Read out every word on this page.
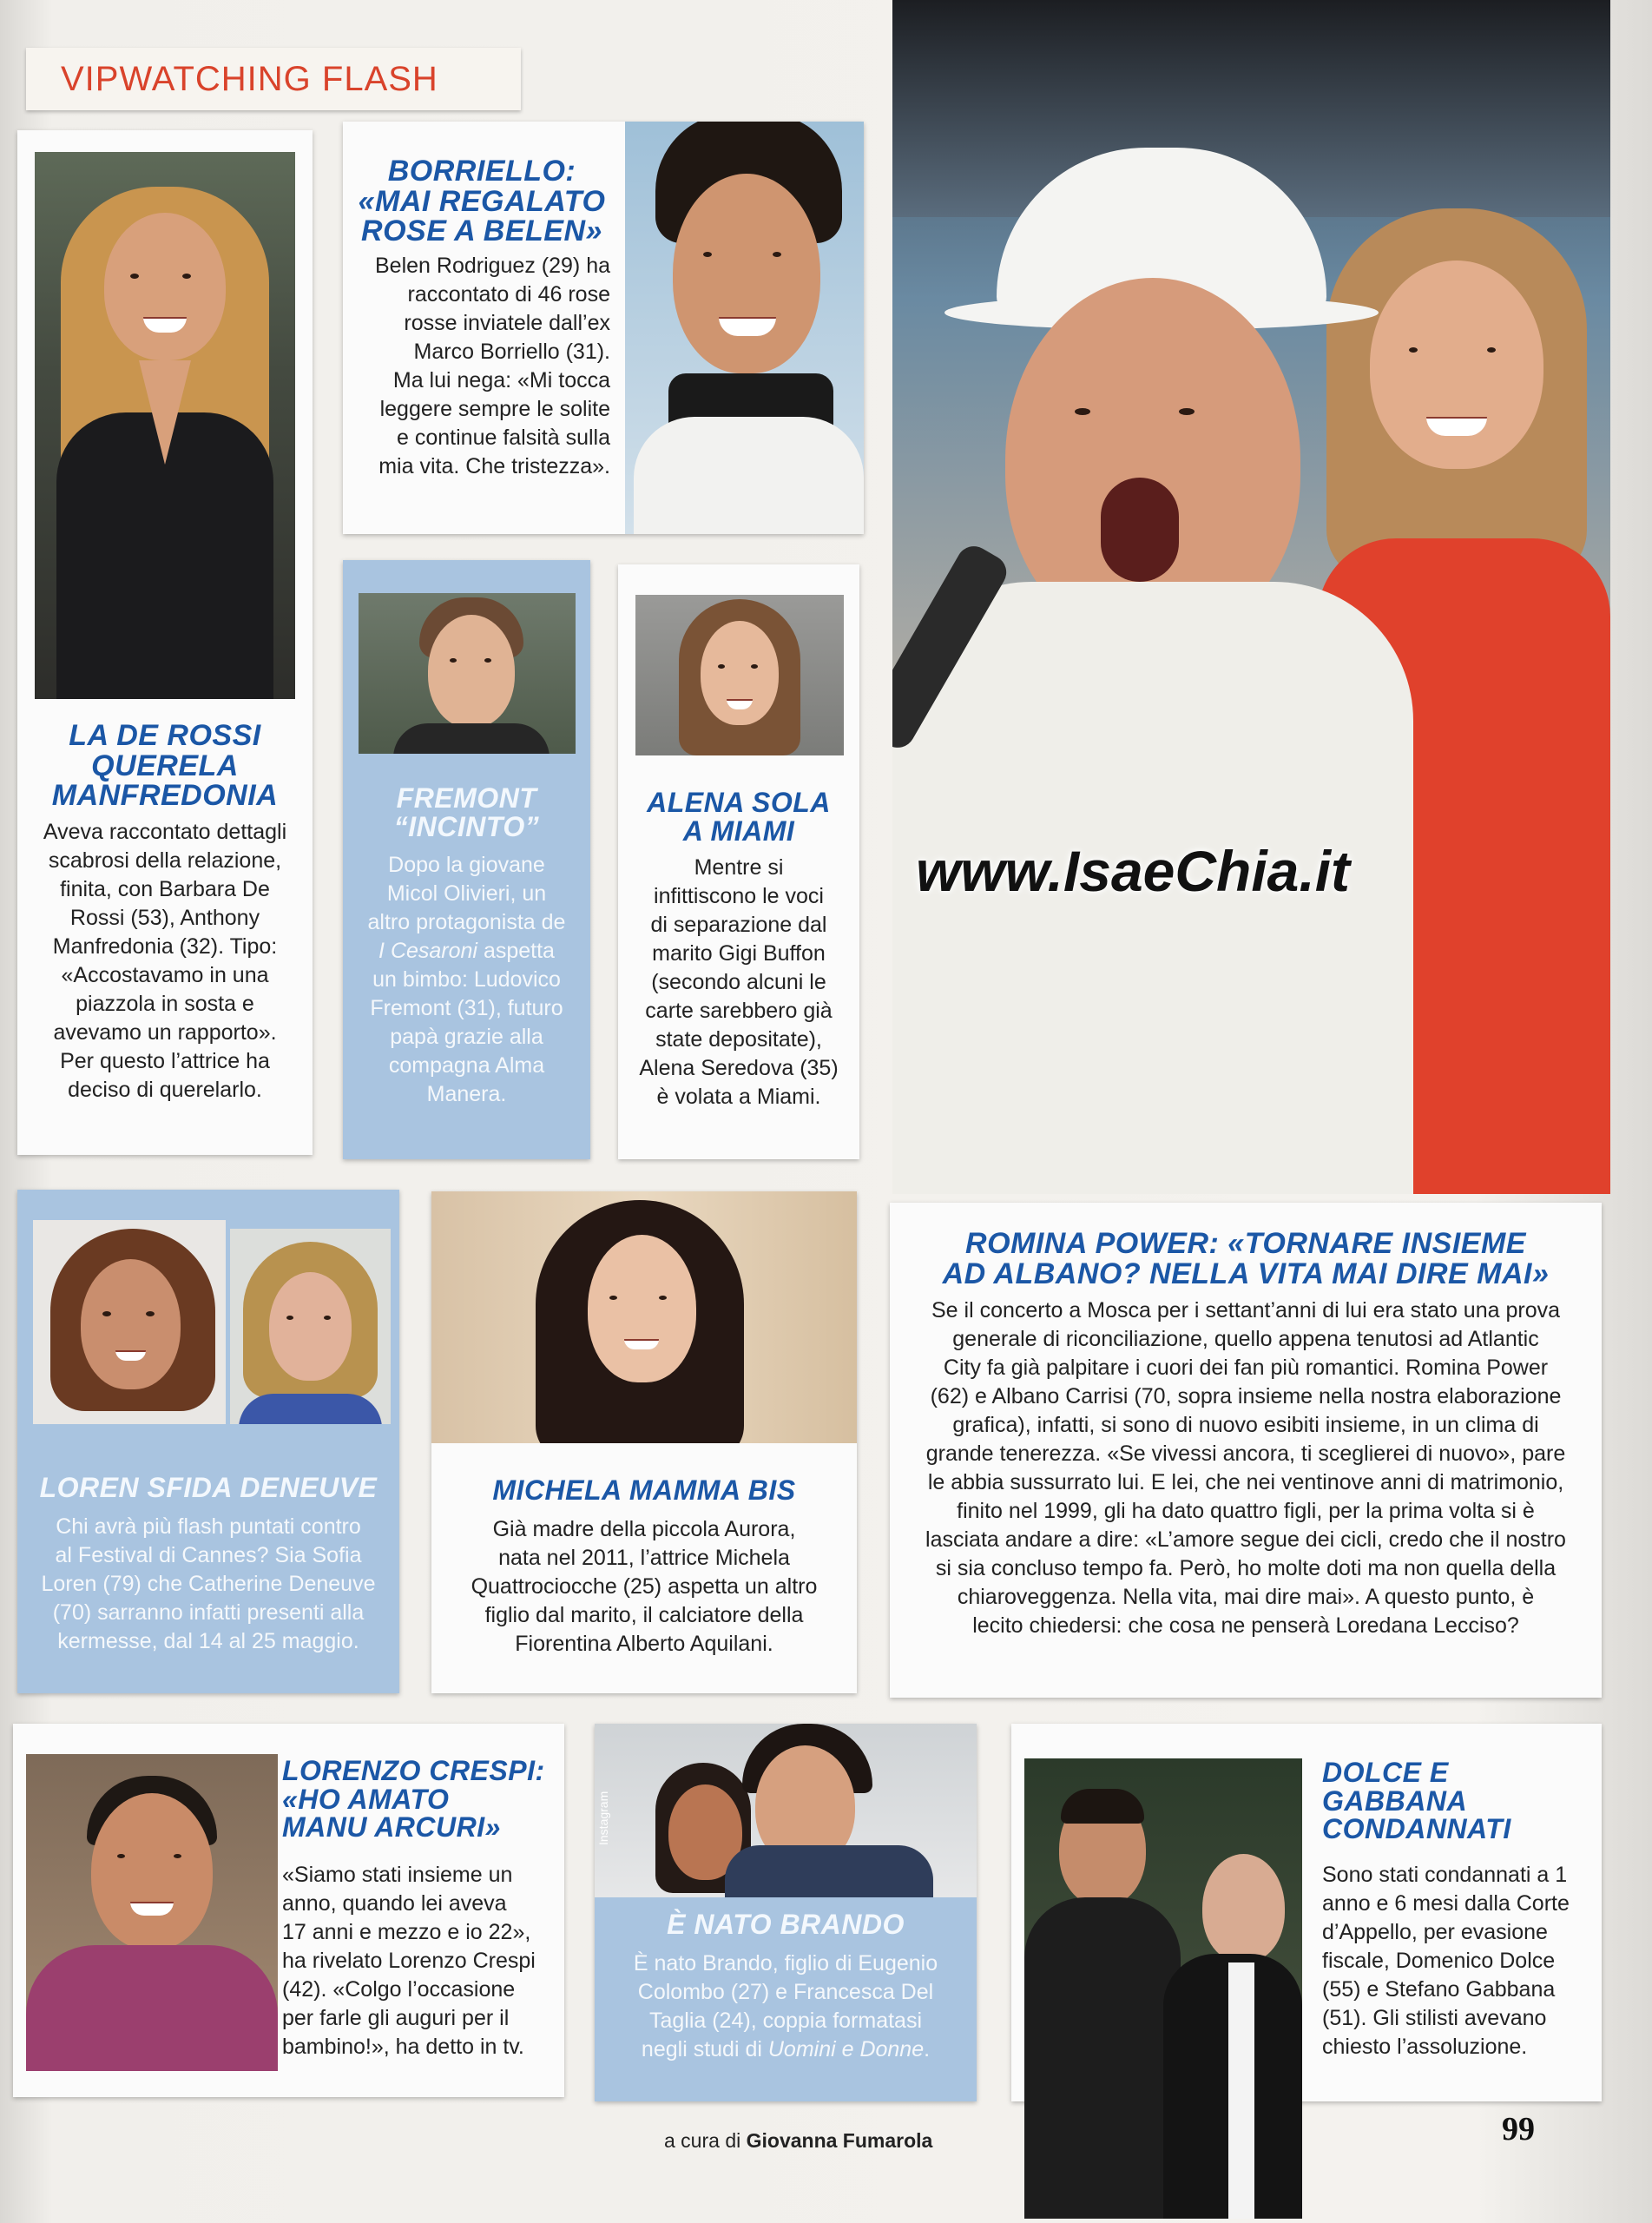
VIPWATCHING FLASH
LA DE ROSSI
QUERELA
MANFREDONIA
Aveva raccontato dettagli
scabrosi della relazione,
finita, con Barbara De
Rossi (53), Anthony
Manfredonia (32). Tipo:
«Accostavamo in una
piazzola in sosta e
avevamo un rapporto».
Per questo l’attrice ha
deciso di querelarlo.
BORRIELLO:
«MAI REGALATO
ROSE A BELEN»
Belen Rodriguez (29) ha
raccontato di 46 rose
rosse inviatele dall’ex
Marco Borriello (31).
Ma lui nega: «Mi tocca
leggere sempre le solite
e continue falsità sulla
mia vita. Che tristezza».
FREMONT
“INCINTO”
Dopo la giovane
Micol Olivieri, un
altro protagonista de
I Cesaroni aspetta
un bimbo: Ludovico
Fremont (31), futuro
papà grazie alla
compagna Alma
Manera.
ALENA SOLA
A MIAMI
Mentre si
infittiscono le voci
di separazione dal
marito Gigi Buffon
(secondo alcuni le
carte sarebbero già
state depositate),
Alena Seredova (35)
è volata a Miami.
www.IsaeChia.it
ROMINA POWER: «TORNARE INSIEME
AD ALBANO? NELLA VITA MAI DIRE MAI»
Se il concerto a Mosca per i settant’anni di lui era stato una prova
generale di riconciliazione, quello appena tenutosi ad Atlantic
City fa già palpitare i cuori dei fan più romantici. Romina Power
(62) e Albano Carrisi (70, sopra insieme nella nostra elaborazione
grafica), infatti, si sono di nuovo esibiti insieme, in un clima di
grande tenerezza. «Se vivessi ancora, ti sceglierei di nuovo», pare
le abbia sussurrato lui. E lei, che nei ventinove anni di matrimonio,
finito nel 1999, gli ha dato quattro figli, per la prima volta si è
lasciata andare a dire: «L’amore segue dei cicli, credo che il nostro
si sia concluso tempo fa. Però, ho molte doti ma non quella della
chiaroveggenza. Nella vita, mai dire mai». A questo punto, è
lecito chiedersi: che cosa ne penserà Loredana Lecciso?
LOREN SFIDA DENEUVE
Chi avrà più flash puntati contro
al Festival di Cannes? Sia Sofia
Loren (79) che Catherine Deneuve
(70) sarranno infatti presenti alla
kermesse, dal 14 al 25 maggio.
MICHELA MAMMA BIS
Già madre della piccola Aurora,
nata nel 2011, l’attrice Michela
Quattrociocche (25) aspetta un altro
figlio dal marito, il calciatore della
Fiorentina Alberto Aquilani.
LORENZO CRESPI:
«HO AMATO
MANU ARCURI»
«Siamo stati insieme un
anno, quando lei aveva
17 anni e mezzo e io 22»,
ha rivelato Lorenzo Crespi
(42). «Colgo l’occasione
per farle gli auguri per il
bambino!», ha detto in tv.
Instagram
È NATO BRANDO
È nato Brando, figlio di Eugenio
Colombo (27) e Francesca Del
Taglia (24), coppia formatasi
negli studi di Uomini e Donne.
DOLCE E
GABBANA
CONDANNATI
Sono stati condannati a 1
anno e 6 mesi dalla Corte
d’Appello, per evasione
fiscale, Domenico Dolce
(55) e Stefano Gabbana
(51). Gli stilisti avevano
chiesto l’assoluzione.
a cura di Giovanna Fumarola	99
